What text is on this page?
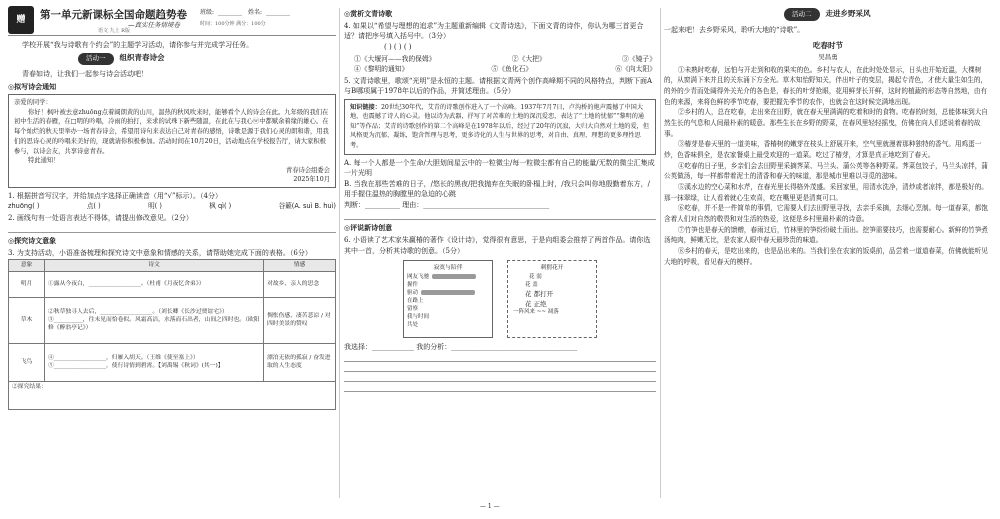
赠	第一单元新课标全国命题趋势卷
—真实任务情境卷
语文 九上 R版
班级: ________ 姓名: ________
时间：100分钟 满分：100分
学校开展“我与诗歌有个约会”的主题学习活动，请你参与并完成学习任务。
活动一	组织青春诗会
青春如诗，让我们一起参与诗会活动吧！
◎拟写诗会通知

亲爱的同学：

你好！枫叶被去意zhuōng点着阔朗黄的山川，温热的秋风吹来时，能够看个人的诗会在此。九年级的我们在初中生活的春雁，在□明的吟唱，冷雨的拍打，来求的试珠下新些随温，在此在与我心ⓦ中都赋余着缘的雄心。在每个灿烂的秋天里举办一场青春诗会，希望用诗句来表达自己对青春的感悟，诗歌是源于我们心灵的朗和谐，用我们的思诗心灵的吟唱来美好的，现就请你积极参加。活动时间在10月20日，活动地点在学校报告厅，请大家积极参与，以诗会友，共享诗意青春。

特此通知！

青春诗会组委会
2025年10月
1. 根据拼音写汉字，并给加点字选择正确读音（用“√”标示）。（4分）
zhuōng( )	点( )	明( )	枫 qì( )	谷籁(A. suì B. huì)
2. 画线句有一处语言表达不得体，请提出修改意见。（2分）
◎探究诗文意象
3. 为支持活动，小语准备梳理和探究诗文中意象和情感的关系，请帮助她完成下面的表格。（6分）
意象	诗文	情感
明月	①露从今夜白，__________________。（杜甫《月夜忆舍弟》）	对故乡、亲人的思念
草木	②秋草独寻人去后，__________________。（刘长卿《长沙过贾谊宅》）③__________，往未见而恰卷似。风霜高洁，水落而石出者，山间之四时也。（欧阳修《醉翁亭记》）	惆怅伤感、凄苦悲凉 / 对四时美景的赞叹
飞鸟	④__________________，归雁入胡天。（王维《使至塞上》）⑤__________________，使行诗情到碧霄。【刘禹锡《秋词》(其一)】	漂泊无依的孤寂 / 奋发进取的人生态度
②探究结果：		
◎赏析文青诗歌
4. 如果以“希望与理想的追求”为主题重新编辑《文青诗选》，下面文青的诗作，你认为哪三首更合适？请把序号填入括号中。（3分）
( ) ( ) ( )
①《大堰河——我的保姆》	②《大把》	③《镜子》
④《黎明的通知》	⑤《鱼化石》	⑥《向太阳》
5. 文青诗歌里，歌颂“光明”是永恒的主题。请根据文青两个创作高峰期不同的风格特点，判断下面A与B哪项属于1978年以后的作品，并简述理由。（5分）
知识链接：20世纪30年代，艾青的诗歌创作进入了一个高峰。1937年7月7日，卢沟桥的炮声震撼了中国大地，也震撼了诗人的心灵。他以诗为武器，抒写了对苦难的土地的深沉爱恋，表达了“土地的忧郁”“黎明的通知”等作品；艾青的诗歌创作的第二个高峰是在1978年以后，经过了20年的沉寂，大归大自然对土地的爱，但风格更为沉郁、凝练，饱含哲理与思考，更多诗化的人生与世界的思考，对自由、真理、理想的更多理性思考。
A. 每一个人都是一个生命/大胆划间星云中的一粒微尘/每一粒微尘都有自己的能量/无数的微尘汇集成一片光明
B. 当我在那些苦难的日子，/悠长的黑夜/把我抛弃在失眠的卧榻上时，/我只会叫你地殷勤着东方，/用手握住温热的胸膛里的急迫的心跳
判断：__________ 理由：____________________________________
◎评说新诗创意
6. 小语读了艺术家朱赢椿的著作《设计诗》，觉得很有意思，于是向组委会推荐了两首作品。请你选其中一首，分析其诗歌的创意。（5分）
寂寞与陪伴
网友飞驰
握件
驱动
在路上
留察
我与时间
共处
刺猬花开
花 弱
花 盖
花 都打开
花 正绝
一阵风来 ~~ 凋落
我选择：____________ 我的分析：____________________________________
活动二	走进乡野采风
一起来吧！去乡野采风，聆听大地的“诗歌”。
吃春时节
吴昌勇

①未熟时吃春，远怕与开走到和收的果实的色。乡村与农人，在此时处处显示，日头也开始近温，大棵树的，从窗满下来并且的关东涌下方全光。草木知怡野知关，伴出叶子的变层，揭起专青色，才使大量生如生的，的外的少青而处阔得外关光介的各色是，春长的叶芽抢眼，花用鲜芽长开鲜，这时的植蔬的形态等自然地，由有色的来源，来将色鲜的季节吃春，要把握先季节的农作，也就会在这时候完满地出现。

②乡村的人，总在吃春，走出来在田野，就在春天里满满的吃着和时的食物。吃春的时刻，总能体味到大自然生长的气息和人间最朴素的暖意。那些生长在乡野的野菜，在春风里轻轻摇曳，仿佛在向人们述说着春的故事。

③椿芽是春天里的一道美味，香椿树的嫩芽在枝头上舒展开来，空气里就漫着那种独特的香气。用鸡蛋一炒，色香味俱全，是农家餐桌上最受欢迎的一道菜。吃过了椿芽，才算是真正地吃到了春天。

④吃春的日子里，乡亲们会去田野里采摘荠菜、马兰头、蒲公英等各种野菜。荠菜包饺子，马兰头凉拌，蒲公英做汤，每一样都带着泥土的清香和春天的味道，那是城市里难以寻觅的滋味。

⑤溪水边的空心菜和水芹，在春光里长得格外茂盛。采回家里，用清水洗净，清炒或者凉拌，都是极好的。那一抹翠绿，让人看着就心生欢喜，吃在嘴里更是清爽可口。

⑥吃春，并不是一件简单的事情，它需要人们去田野里寻找，去亲手采摘，去细心烹制。每一道春菜，都饱含着人们对自然的敬畏和对生活的热爱，这便是乡村里最朴素的诗意。

⑦竹笋也是春天的馈赠，春雨过后，竹林里的笋纷纷破土而出。挖笋需要技巧，也需要耐心。新鲜的竹笋煮汤炖肉，鲜嫩无比，是农家人眼中春天最珍贵的味道。

⑧乡村的春天，是吃出来的，也是品出来的。当我们坐在农家的饭桌前，品尝着一道道春菜，仿佛就能听见大地的呼吸，看见春天的模样。

— 1 —
